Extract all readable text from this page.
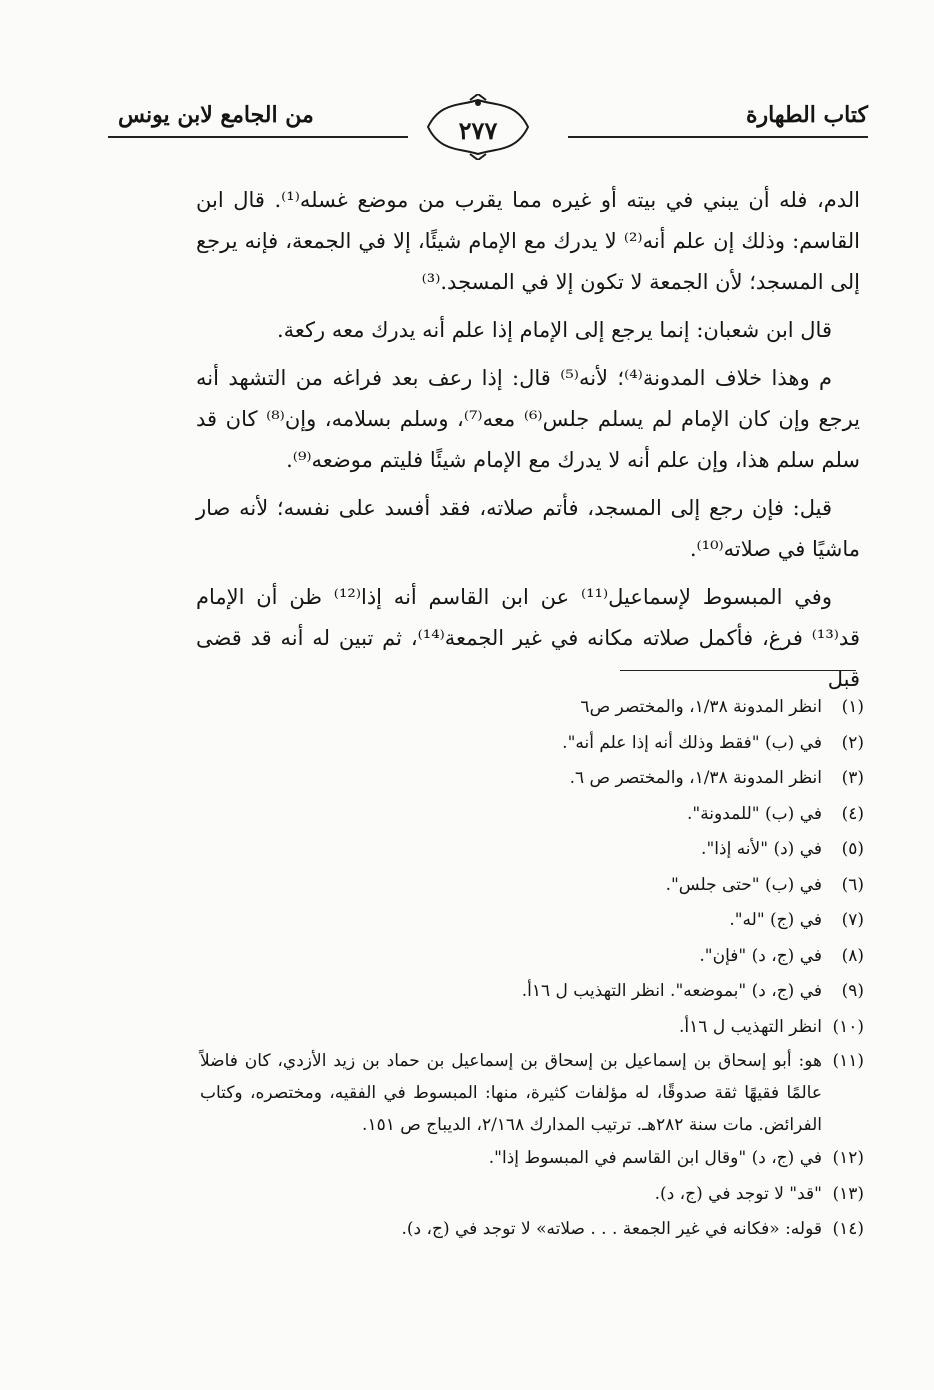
كتاب الطهارة
٢٧٧
من الجامع لابن يونس

الدم، فله أن يبني في بيته أو غيره مما يقرب من موضع غسله⁽¹⁾. قال ابن القاسم: وذلك إن علم أنه⁽²⁾ لا يدرك مع الإمام شيئًا، إلا في الجمعة، فإنه يرجع إلى المسجد؛ لأن الجمعة لا تكون إلا في المسجد.⁽³⁾

قال ابن شعبان: إنما يرجع إلى الإمام إذا علم أنه يدرك معه ركعة.

م وهذا خلاف المدونة⁽⁴⁾؛ لأنه⁽⁵⁾ قال: إذا رعف بعد فراغه من التشهد أنه يرجع وإن كان الإمام لم يسلم جلس⁽⁶⁾ معه⁽⁷⁾، وسلم بسلامه، وإن⁽⁸⁾ كان قد سلم سلم هذا، وإن علم أنه لا يدرك مع الإمام شيئًا فليتم موضعه⁽⁹⁾.

قيل: فإن رجع إلى المسجد، فأتم صلاته، فقد أفسد على نفسه؛ لأنه صار ماشيًا في صلاته⁽¹⁰⁾.

وفي المبسوط لإسماعيل⁽¹¹⁾ عن ابن القاسم أنه إذا⁽¹²⁾ ظن أن الإمام قد⁽¹³⁾ فرغ، فأكمل صلاته مكانه في غير الجمعة⁽¹⁴⁾، ثم تبين له أنه قد قضى قبل

(١)
انظر المدونة ١/٣٨، والمختصر ص٦

(٢)
في (ب) "فقط وذلك أنه إذا علم أنه".

(٣)
انظر المدونة ١/٣٨، والمختصر ص ٦.

(٤)
في (ب) "للمدونة".

(٥)
في (د) "لأنه إذا".

(٦)
في (ب) "حتى جلس".

(٧)
في (ج) "له".

(٨)
في (ج، د) "فإن".

(٩)
في (ج، د) "بموضعه". انظر التهذيب ل ١٦أ.

(١٠)
انظر التهذيب ل ١٦أ.

(١١)
هو: أبو إسحاق بن إسماعيل بن إسحاق بن إسماعيل بن حماد بن زيد الأزدي، كان فاضلاً عالمًا فقيهًا ثقة صدوقًا، له مؤلفات كثيرة، منها: المبسوط في الفقيه، ومختصره، وكتاب الفرائض. مات سنة ٢٨٢هـ. ترتيب المدارك ٢/١٦٨، الديباج ص ١٥١.

(١٢)
في (ج، د) "وقال ابن القاسم في المبسوط إذا".

(١٣)
"قد" لا توجد في (ج، د).

(١٤)
قوله: «فكانه في غير الجمعة . . . صلاته» لا توجد في (ج، د).
